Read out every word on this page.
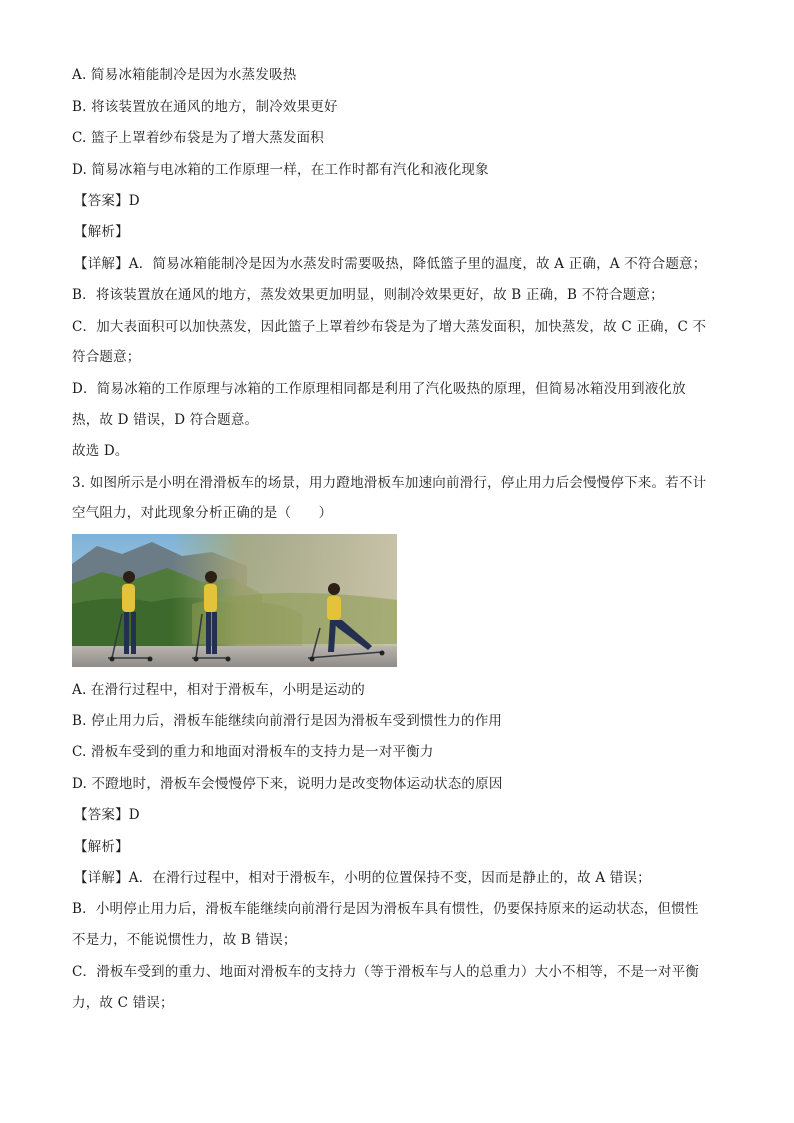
A. 简易冰箱能制冷是因为水蒸发吸热
B. 将该装置放在通风的地方，制冷效果更好
C. 篮子上罩着纱布袋是为了增大蒸发面积
D. 简易冰箱与电冰箱的工作原理一样，在工作时都有汽化和液化现象
【答案】D
【解析】
【详解】A．简易冰箱能制冷是因为水蒸发时需要吸热，降低篮子里的温度，故 A 正确，A 不符合题意；
B．将该装置放在通风的地方，蒸发效果更加明显，则制冷效果更好，故 B 正确，B 不符合题意；
C．加大表面积可以加快蒸发，因此篮子上罩着纱布袋是为了增大蒸发面积，加快蒸发，故 C 正确，C 不
符合题意；
D．简易冰箱的工作原理与冰箱的工作原理相同都是利用了汽化吸热的原理，但简易冰箱没用到液化放
热，故 D 错误，D 符合题意。
故选 D。
3. 如图所示是小明在滑滑板车的场景，用力蹬地滑板车加速向前滑行，停止用力后会慢慢停下来。若不计
空气阻力，对此现象分析正确的是（　　）
A. 在滑行过程中，相对于滑板车，小明是运动的
B. 停止用力后，滑板车能继续向前滑行是因为滑板车受到惯性力的作用
C. 滑板车受到的重力和地面对滑板车的支持力是一对平衡力
D. 不蹬地时，滑板车会慢慢停下来，说明力是改变物体运动状态的原因
【答案】D
【解析】
【详解】A．在滑行过程中，相对于滑板车，小明的位置保持不变，因而是静止的，故 A 错误；
B．小明停止用力后，滑板车能继续向前滑行是因为滑板车具有惯性，仍要保持原来的运动状态，但惯性
不是力，不能说惯性力，故 B 错误；
C．滑板车受到的重力、地面对滑板车的支持力（等于滑板车与人的总重力）大小不相等，不是一对平衡
力，故 C 错误；
